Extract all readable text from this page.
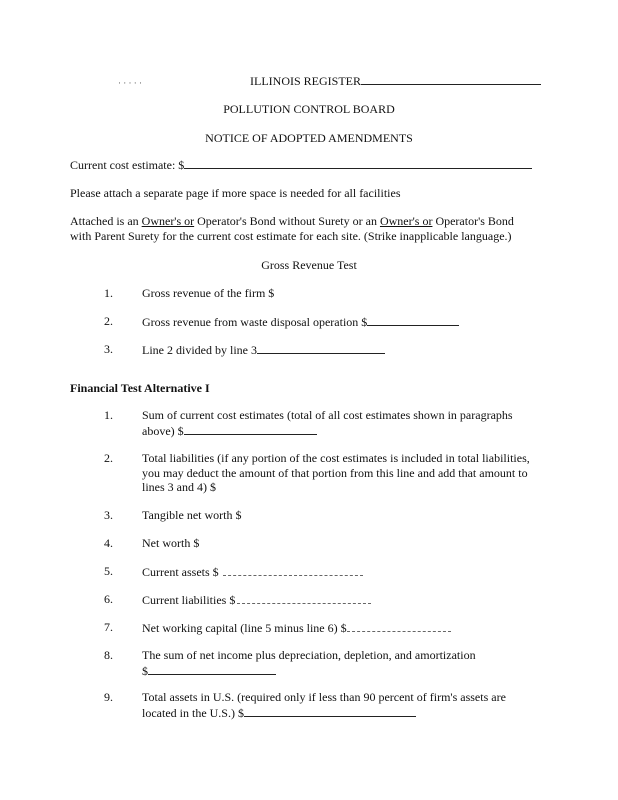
· · · · ·	ILLINOIS REGISTER
POLLUTION CONTROL BOARD
NOTICE OF ADOPTED AMENDMENTS
Current cost estimate: $
Please attach a separate page if more space is needed for all facilities
Attached is an Owner's or Operator's Bond without Surety or an Owner's or Operator's Bond
with Parent Surety for the current cost estimate for each site. (Strike inapplicable language.)
Gross Revenue Test
1. Gross revenue of the firm $
2. Gross revenue from waste disposal operation $
3. Line 2 divided by line 3
Financial Test Alternative I
1. Sum of current cost estimates (total of all cost estimates shown in paragraphs
above) $
2. Total liabilities (if any portion of the cost estimates is included in total liabilities,
you may deduct the amount of that portion from this line and add that amount to
lines 3 and 4) $
3. Tangible net worth $
4. Net worth $
5. Current assets $
6. Current liabilities $
7. Net working capital (line 5 minus line 6) $
8. The sum of net income plus depreciation, depletion, and amortization
$
9. Total assets in U.S. (required only if less than 90 percent of firm's assets are
located in the U.S.) $
